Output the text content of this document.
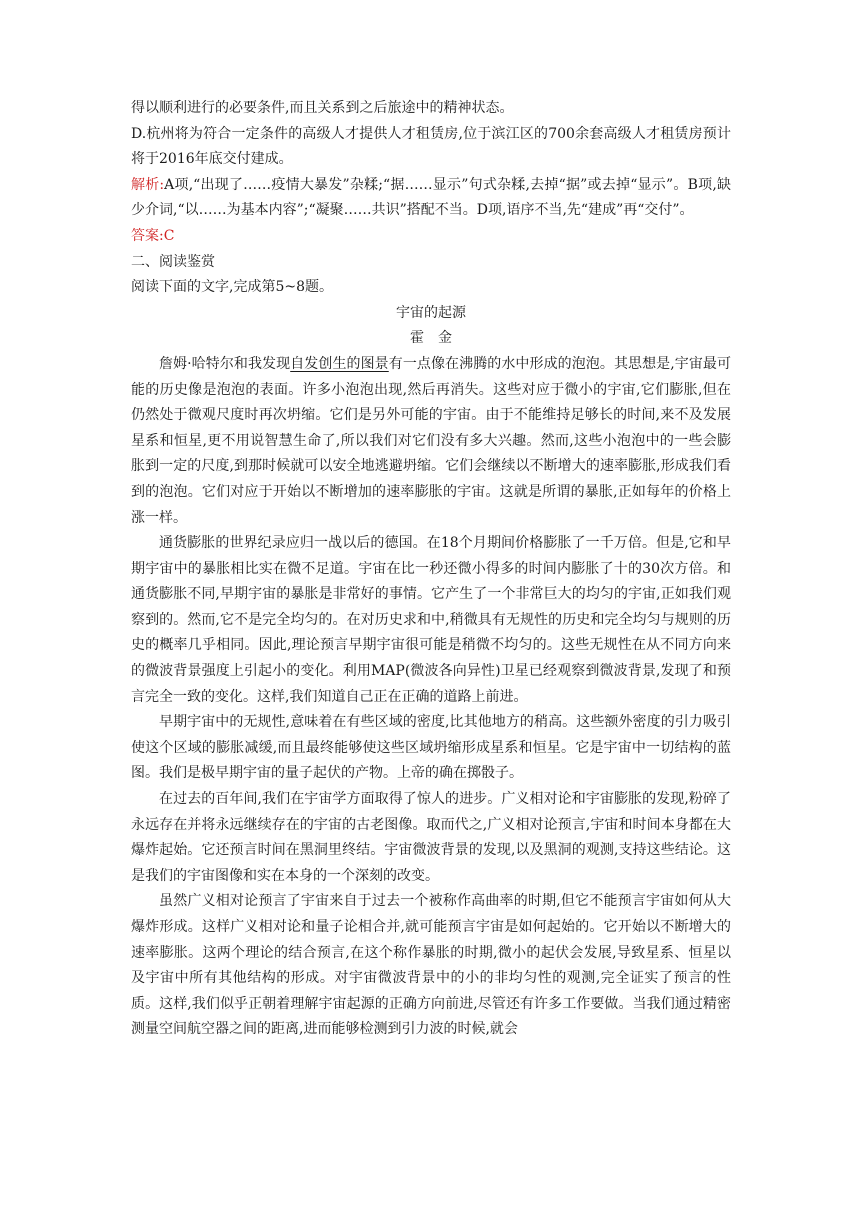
得以顺利进行的必要条件,而且关系到之后旅途中的精神状态。

D.杭州将为符合一定条件的高级人才提供人才租赁房,位于滨江区的700余套高级人才租赁房预计将于2016年底交付建成。

解析:A项,“出现了……疫情大暴发”杂糅;“据……显示”句式杂糅,去掉“据”或去掉“显示”。B项,缺少介词,“以……为基本内容”;“凝聚……共识”搭配不当。D项,语序不当,先“建成”再“交付”。

答案:C

二、阅读鉴赏

阅读下面的文字,完成第5~8题。

宇宙的起源

霍金

詹姆·哈特尔和我发现自发创生的图景有一点像在沸腾的水中形成的泡泡。其思想是,宇宙最可能的历史像是泡泡的表面。许多小泡泡出现,然后再消失。这些对应于微小的宇宙,它们膨胀,但在仍然处于微观尺度时再次坍缩。它们是另外可能的宇宙。由于不能维持足够长的时间,来不及发展星系和恒星,更不用说智慧生命了,所以我们对它们没有多大兴趣。然而,这些小泡泡中的一些会膨胀到一定的尺度,到那时候就可以安全地逃避坍缩。它们会继续以不断增大的速率膨胀,形成我们看到的泡泡。它们对应于开始以不断增加的速率膨胀的宇宙。这就是所谓的暴胀,正如每年的价格上涨一样。

通货膨胀的世界纪录应归一战以后的德国。在18个月期间价格膨胀了一千万倍。但是,它和早期宇宙中的暴胀相比实在微不足道。宇宙在比一秒还微小得多的时间内膨胀了十的30次方倍。和通货膨胀不同,早期宇宙的暴胀是非常好的事情。它产生了一个非常巨大的均匀的宇宙,正如我们观察到的。然而,它不是完全均匀的。在对历史求和中,稍微具有无规性的历史和完全均匀与规则的历史的概率几乎相同。因此,理论预言早期宇宙很可能是稍微不均匀的。这些无规性在从不同方向来的微波背景强度上引起小的变化。利用MAP(微波各向异性)卫星已经观察到微波背景,发现了和预言完全一致的变化。这样,我们知道自己正在正确的道路上前进。

早期宇宙中的无规性,意味着在有些区域的密度,比其他地方的稍高。这些额外密度的引力吸引使这个区域的膨胀减缓,而且最终能够使这些区域坍缩形成星系和恒星。它是宇宙中一切结构的蓝图。我们是极早期宇宙的量子起伏的产物。上帝的确在掷骰子。

在过去的百年间,我们在宇宙学方面取得了惊人的进步。广义相对论和宇宙膨胀的发现,粉碎了永远存在并将永远继续存在的宇宙的古老图像。取而代之,广义相对论预言,宇宙和时间本身都在大爆炸起始。它还预言时间在黑洞里终结。宇宙微波背景的发现,以及黑洞的观测,支持这些结论。这是我们的宇宙图像和实在本身的一个深刻的改变。

虽然广义相对论预言了宇宙来自于过去一个被称作高曲率的时期,但它不能预言宇宙如何从大爆炸形成。这样广义相对论和量子论相合并,就可能预言宇宙是如何起始的。它开始以不断增大的速率膨胀。这两个理论的结合预言,在这个称作暴胀的时期,微小的起伏会发展,导致星系、恒星以及宇宙中所有其他结构的形成。对宇宙微波背景中的小的非均匀性的观测,完全证实了预言的性质。这样,我们似乎正朝着理解宇宙起源的正确方向前进,尽管还有许多工作要做。当我们通过精密测量空间航空器之间的距离,进而能够检测到引力波的时候,就会
